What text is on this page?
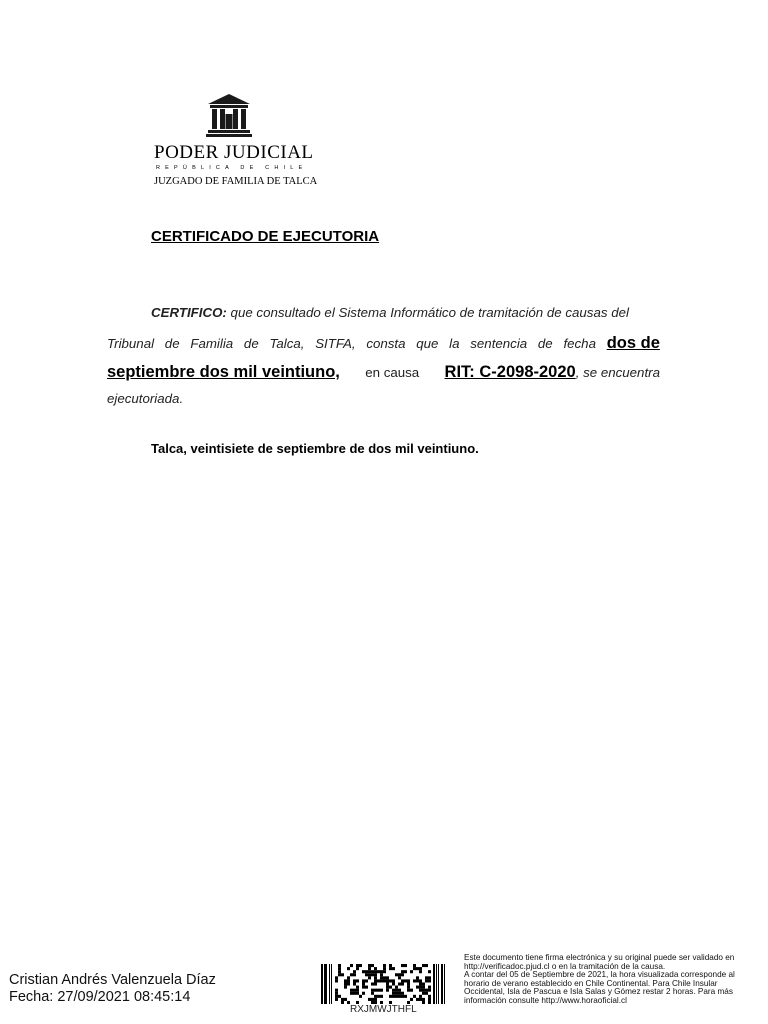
PODER JUDICIAL
REPÚBLICA DE CHILE
JUZGADO DE FAMILIA DE TALCA
CERTIFICADO DE EJECUTORIA
CERTIFICO: que consultado el Sistema Informático de tramitación de causas del
Tribunal de Familia de Talca, SITFA, consta que la sentencia de fecha dos de
septiembre dos mil veintiuno, en causa RIT: C-2098-2020, se encuentra
ejecutoriada.
Talca, veintisiete de septiembre de dos mil veintiuno.
Cristian Andrés Valenzuela Díaz
Fecha: 27/09/2021 08:45:14
RXJMWJTHFL
Este documento tiene firma electrónica y su original puede ser validado en http://verificadoc.pjud.cl o en la tramitación de la causa.
A contar del 05 de Septiembre de 2021, la hora visualizada corresponde al horario de verano establecido en Chile Continental. Para Chile Insular Occidental, Isla de Pascua e Isla Salas y Gómez restar 2 horas. Para más información consulte http://www.horaoficial.cl
